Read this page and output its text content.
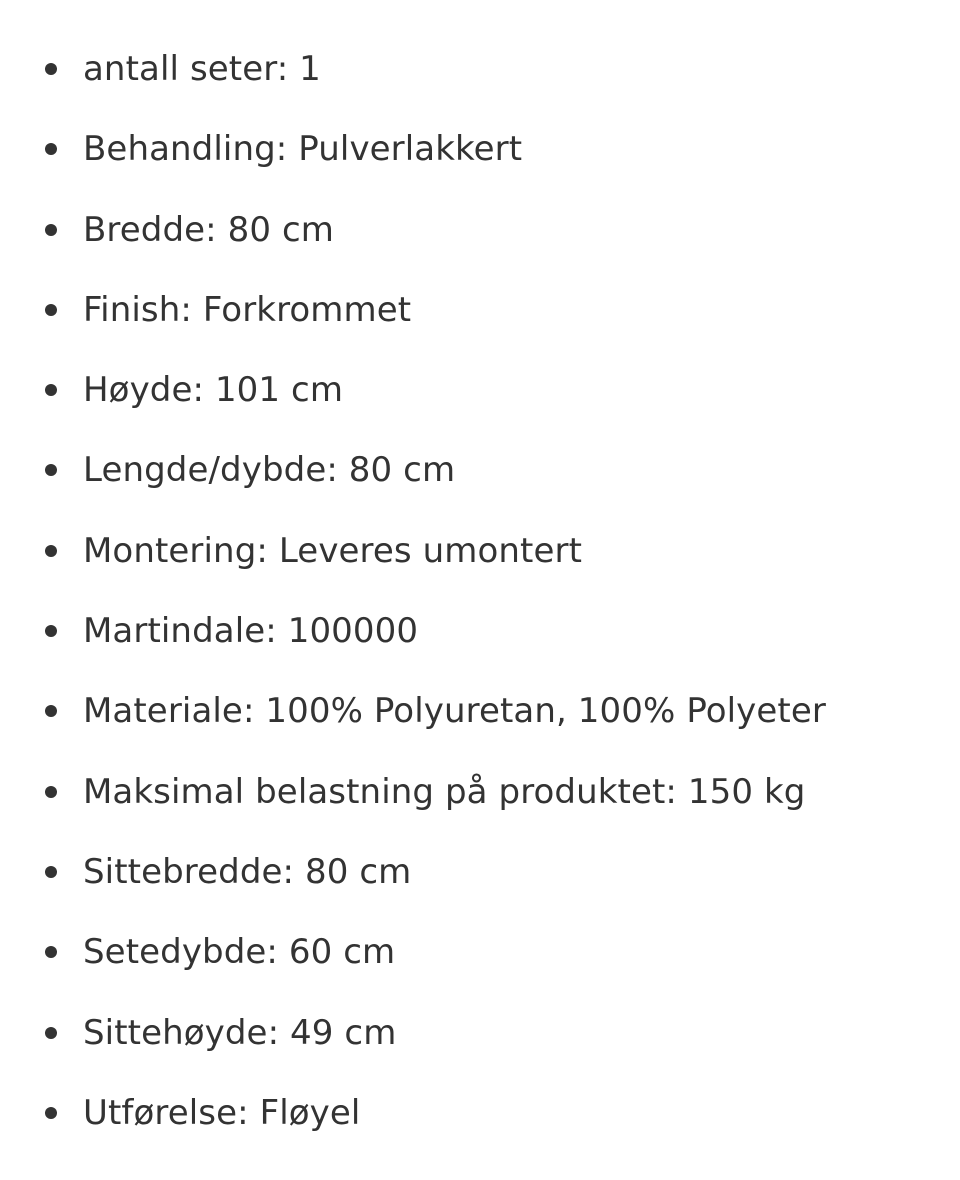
antall seter: 1
Behandling: Pulverlakkert
Bredde: 80 cm
Finish: Forkrommet
Høyde: 101 cm
Lengde/dybde: 80 cm
Montering: Leveres umontert
Martindale: 100000
Materiale: 100% Polyuretan, 100% Polyeter
Maksimal belastning på produktet: 150 kg
Sittebredde: 80 cm
Setedybde: 60 cm
Sittehøyde: 49 cm
Utførelse: Fløyel
